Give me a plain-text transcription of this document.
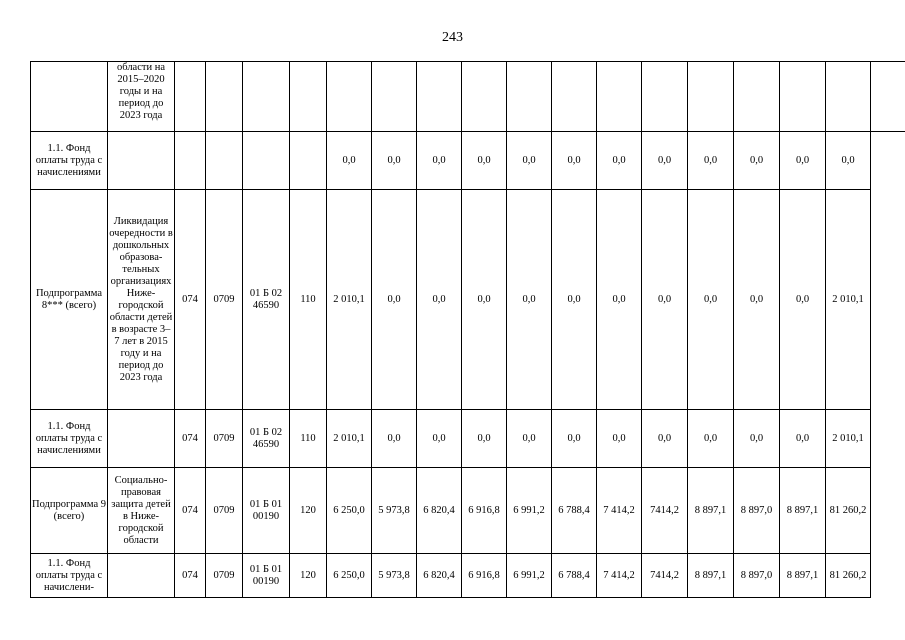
243
	области на 2015–2020 годы и на период до 2023 года																	
1.1. Фонд оплаты труда с начислениями						0,0	0,0	0,0	0,0	0,0	0,0	0,0	0,0	0,0	0,0	0,0	0,0	
Подпрограмма 8*** (всего)	Ликвидация очередности в дошкольных образовательных организациях Нижегородской области детей в возрасте 3–7 лет в 2015 году и на период до 2023 года	074	0709	01 Б 02 46590	110	2 010,1	0,0	0,0	0,0	0,0	0,0	0,0	0,0	0,0	0,0	0,0	2 010,1	
1.1. Фонд оплаты труда с начислениями		074	0709	01 Б 02 46590	110	2 010,1	0,0	0,0	0,0	0,0	0,0	0,0	0,0	0,0	0,0	0,0	2 010,1	
Подпрограмма 9 (всего)	Социально-правовая защита детей в Нижегородской области	074	0709	01 Б 01 00190	120	6 250,0	5 973,8	6 820,4	6 916,8	6 991,2	6 788,4	7 414,2	7414,2	8 897,1	8 897,0	8 897,1	81 260,2	
1.1. Фонд оплаты труда с начислени-		074	0709	01 Б 01 00190	120	6 250,0	5 973,8	6 820,4	6 916,8	6 991,2	6 788,4	7 414,2	7414,2	8 897,1	8 897,0	8 897,1	81 260,2	
